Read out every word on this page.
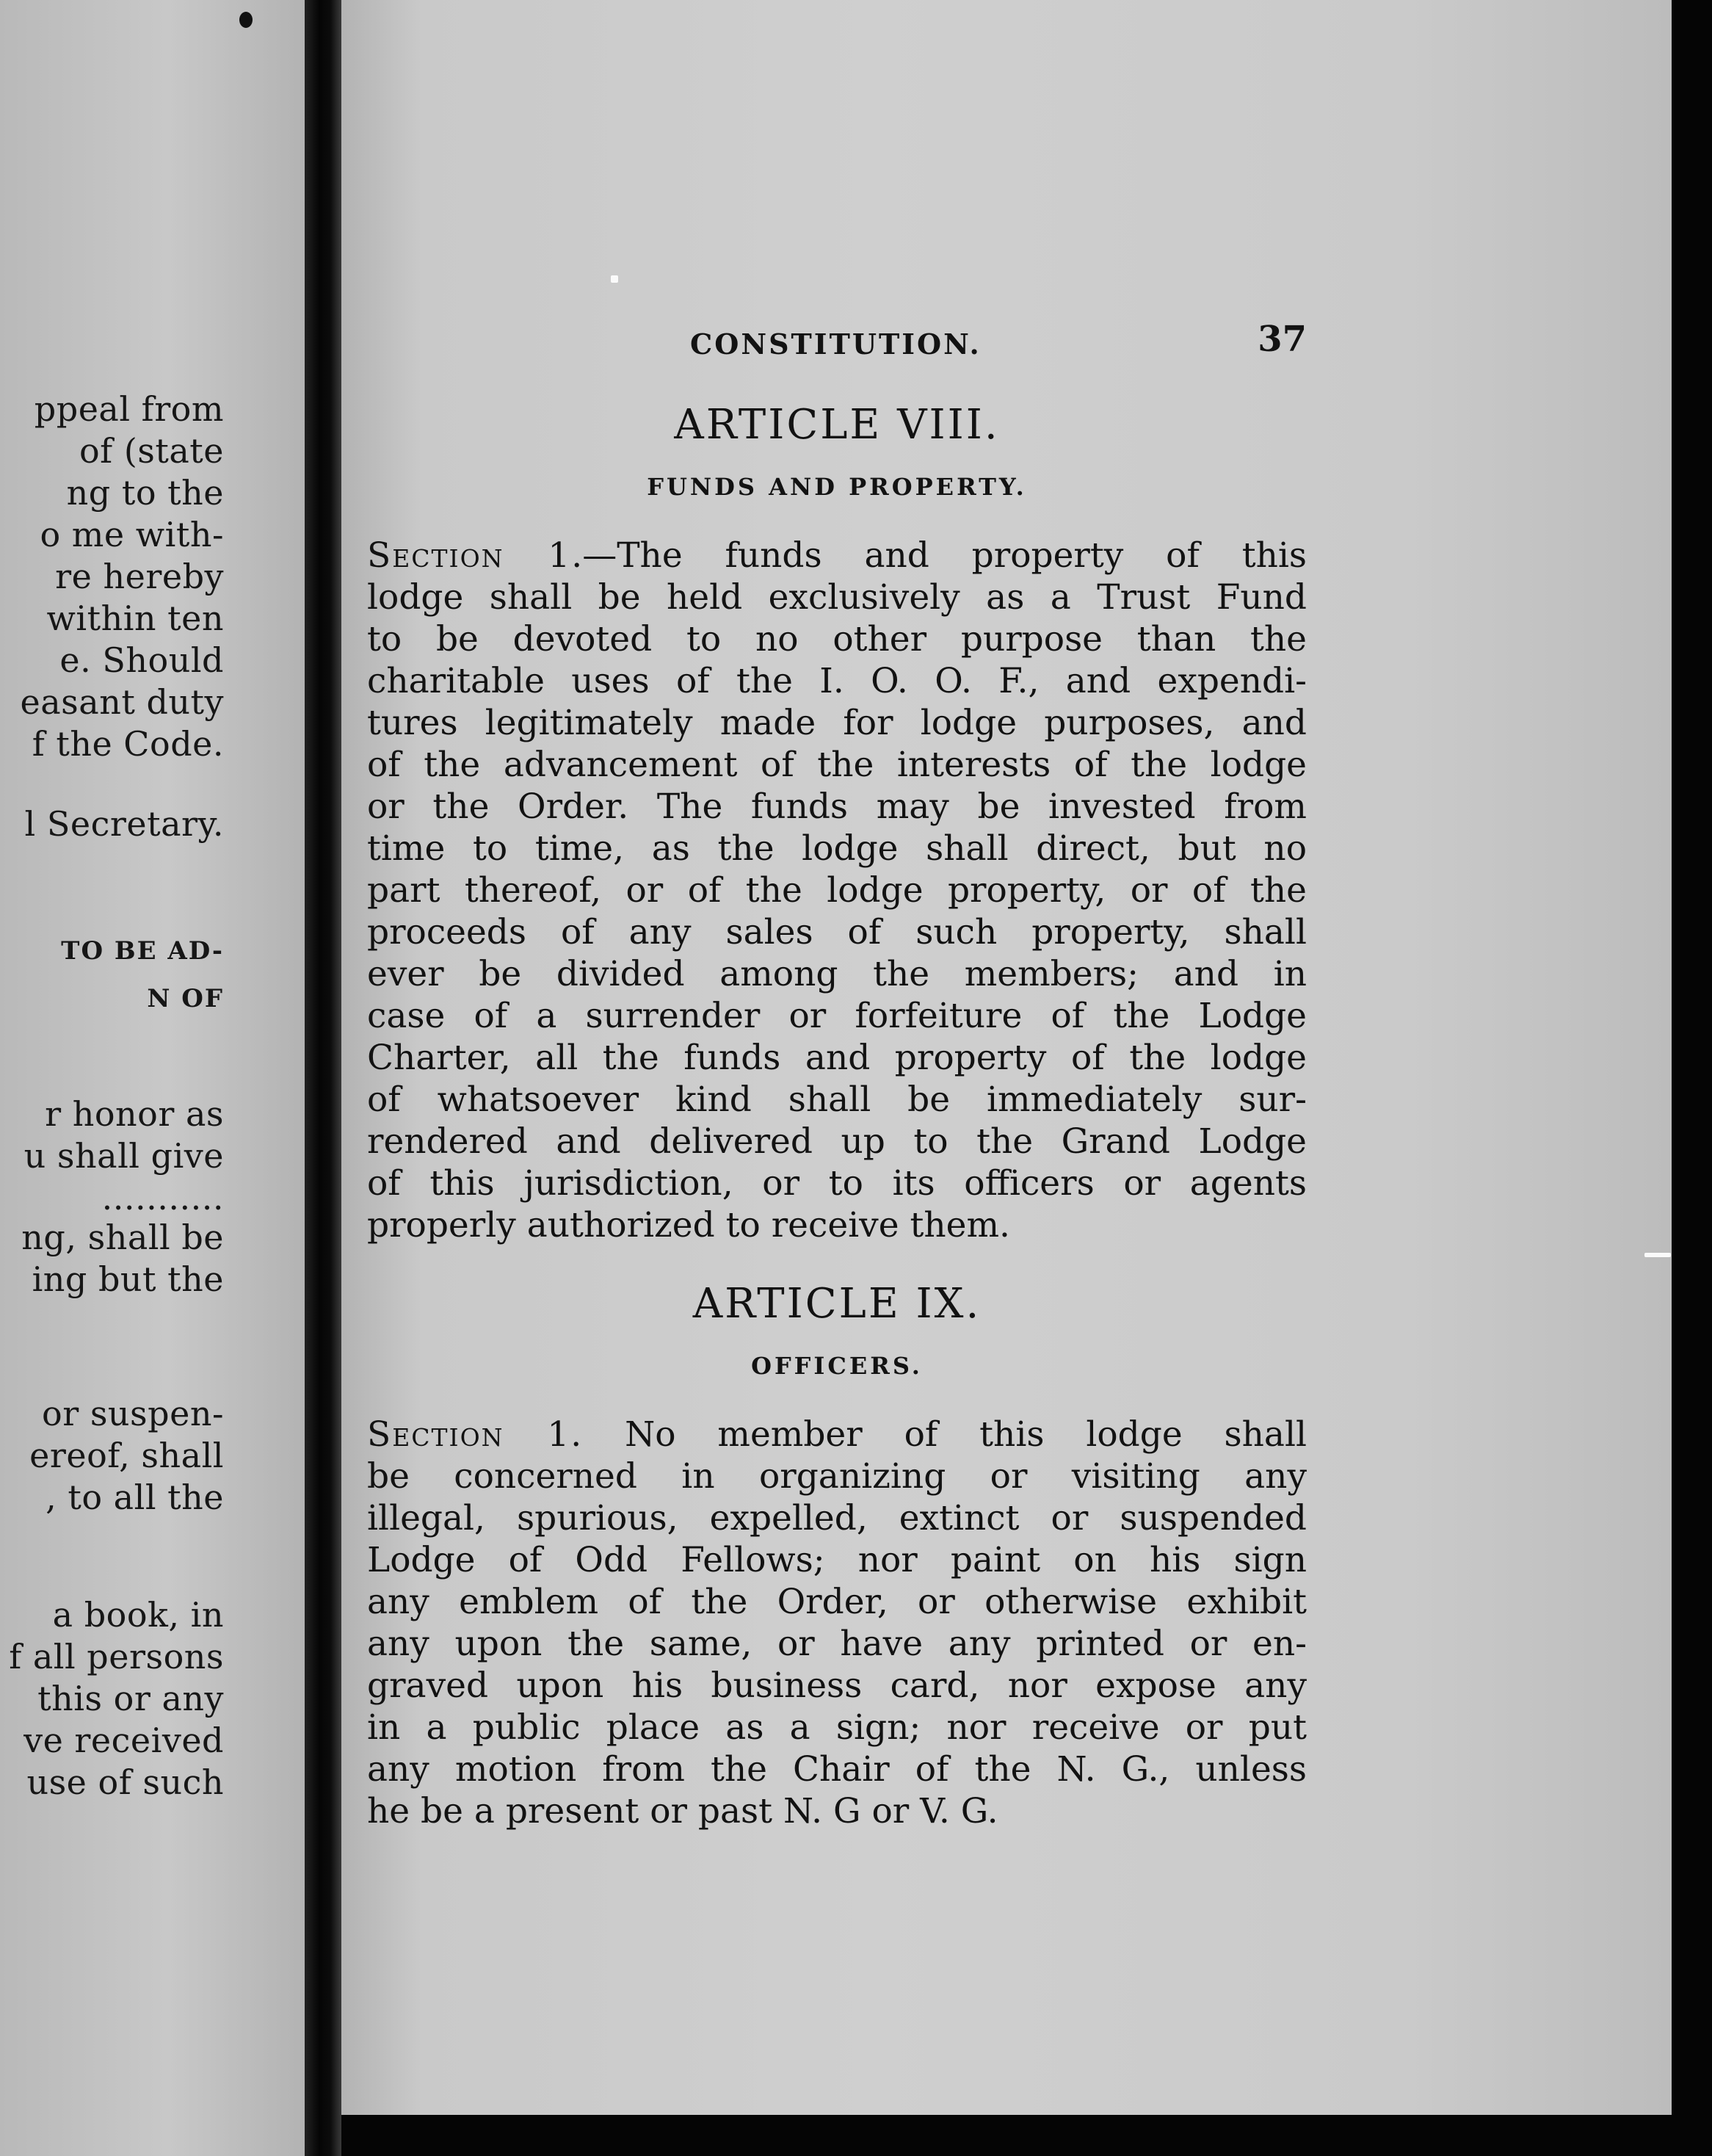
ppeal from
of (state
ng to the
o me with-
re hereby
within ten
e. Should
easant duty
f the Code.
l Secretary.
TO BE AD-
N OF
r honor as
u shall give
...........
ng, shall be
ing but the
or suspen-
ereof, shall
, to all the
a book, in
f all persons
this or any
ve received
use of such
CONSTITUTION.	37
ARTICLE VIII.
FUNDS AND PROPERTY.
Section 1.—The funds and property of this
lodge shall be held exclusively as a Trust Fund
to be devoted to no other purpose than the
charitable uses of the I. O. O. F., and expendi-
tures legitimately made for lodge purposes, and
of the advancement of the interests of the lodge
or the Order. The funds may be invested from
time to time, as the lodge shall direct, but no
part thereof, or of the lodge property, or of the
proceeds of any sales of such property, shall
ever be divided among the members; and in
case of a surrender or forfeiture of the Lodge
Charter, all the funds and property of the lodge
of whatsoever kind shall be immediately sur-
rendered and delivered up to the Grand Lodge
of this jurisdiction, or to its officers or agents
properly authorized to receive them.
ARTICLE IX.
OFFICERS.
Section 1. No member of this lodge shall
be concerned in organizing or visiting any
illegal, spurious, expelled, extinct or suspended
Lodge of Odd Fellows; nor paint on his sign
any emblem of the Order, or otherwise exhibit
any upon the same, or have any printed or en-
graved upon his business card, nor expose any
in a public place as a sign; nor receive or put
any motion from the Chair of the N. G., unless
he be a present or past N. G or V. G.
